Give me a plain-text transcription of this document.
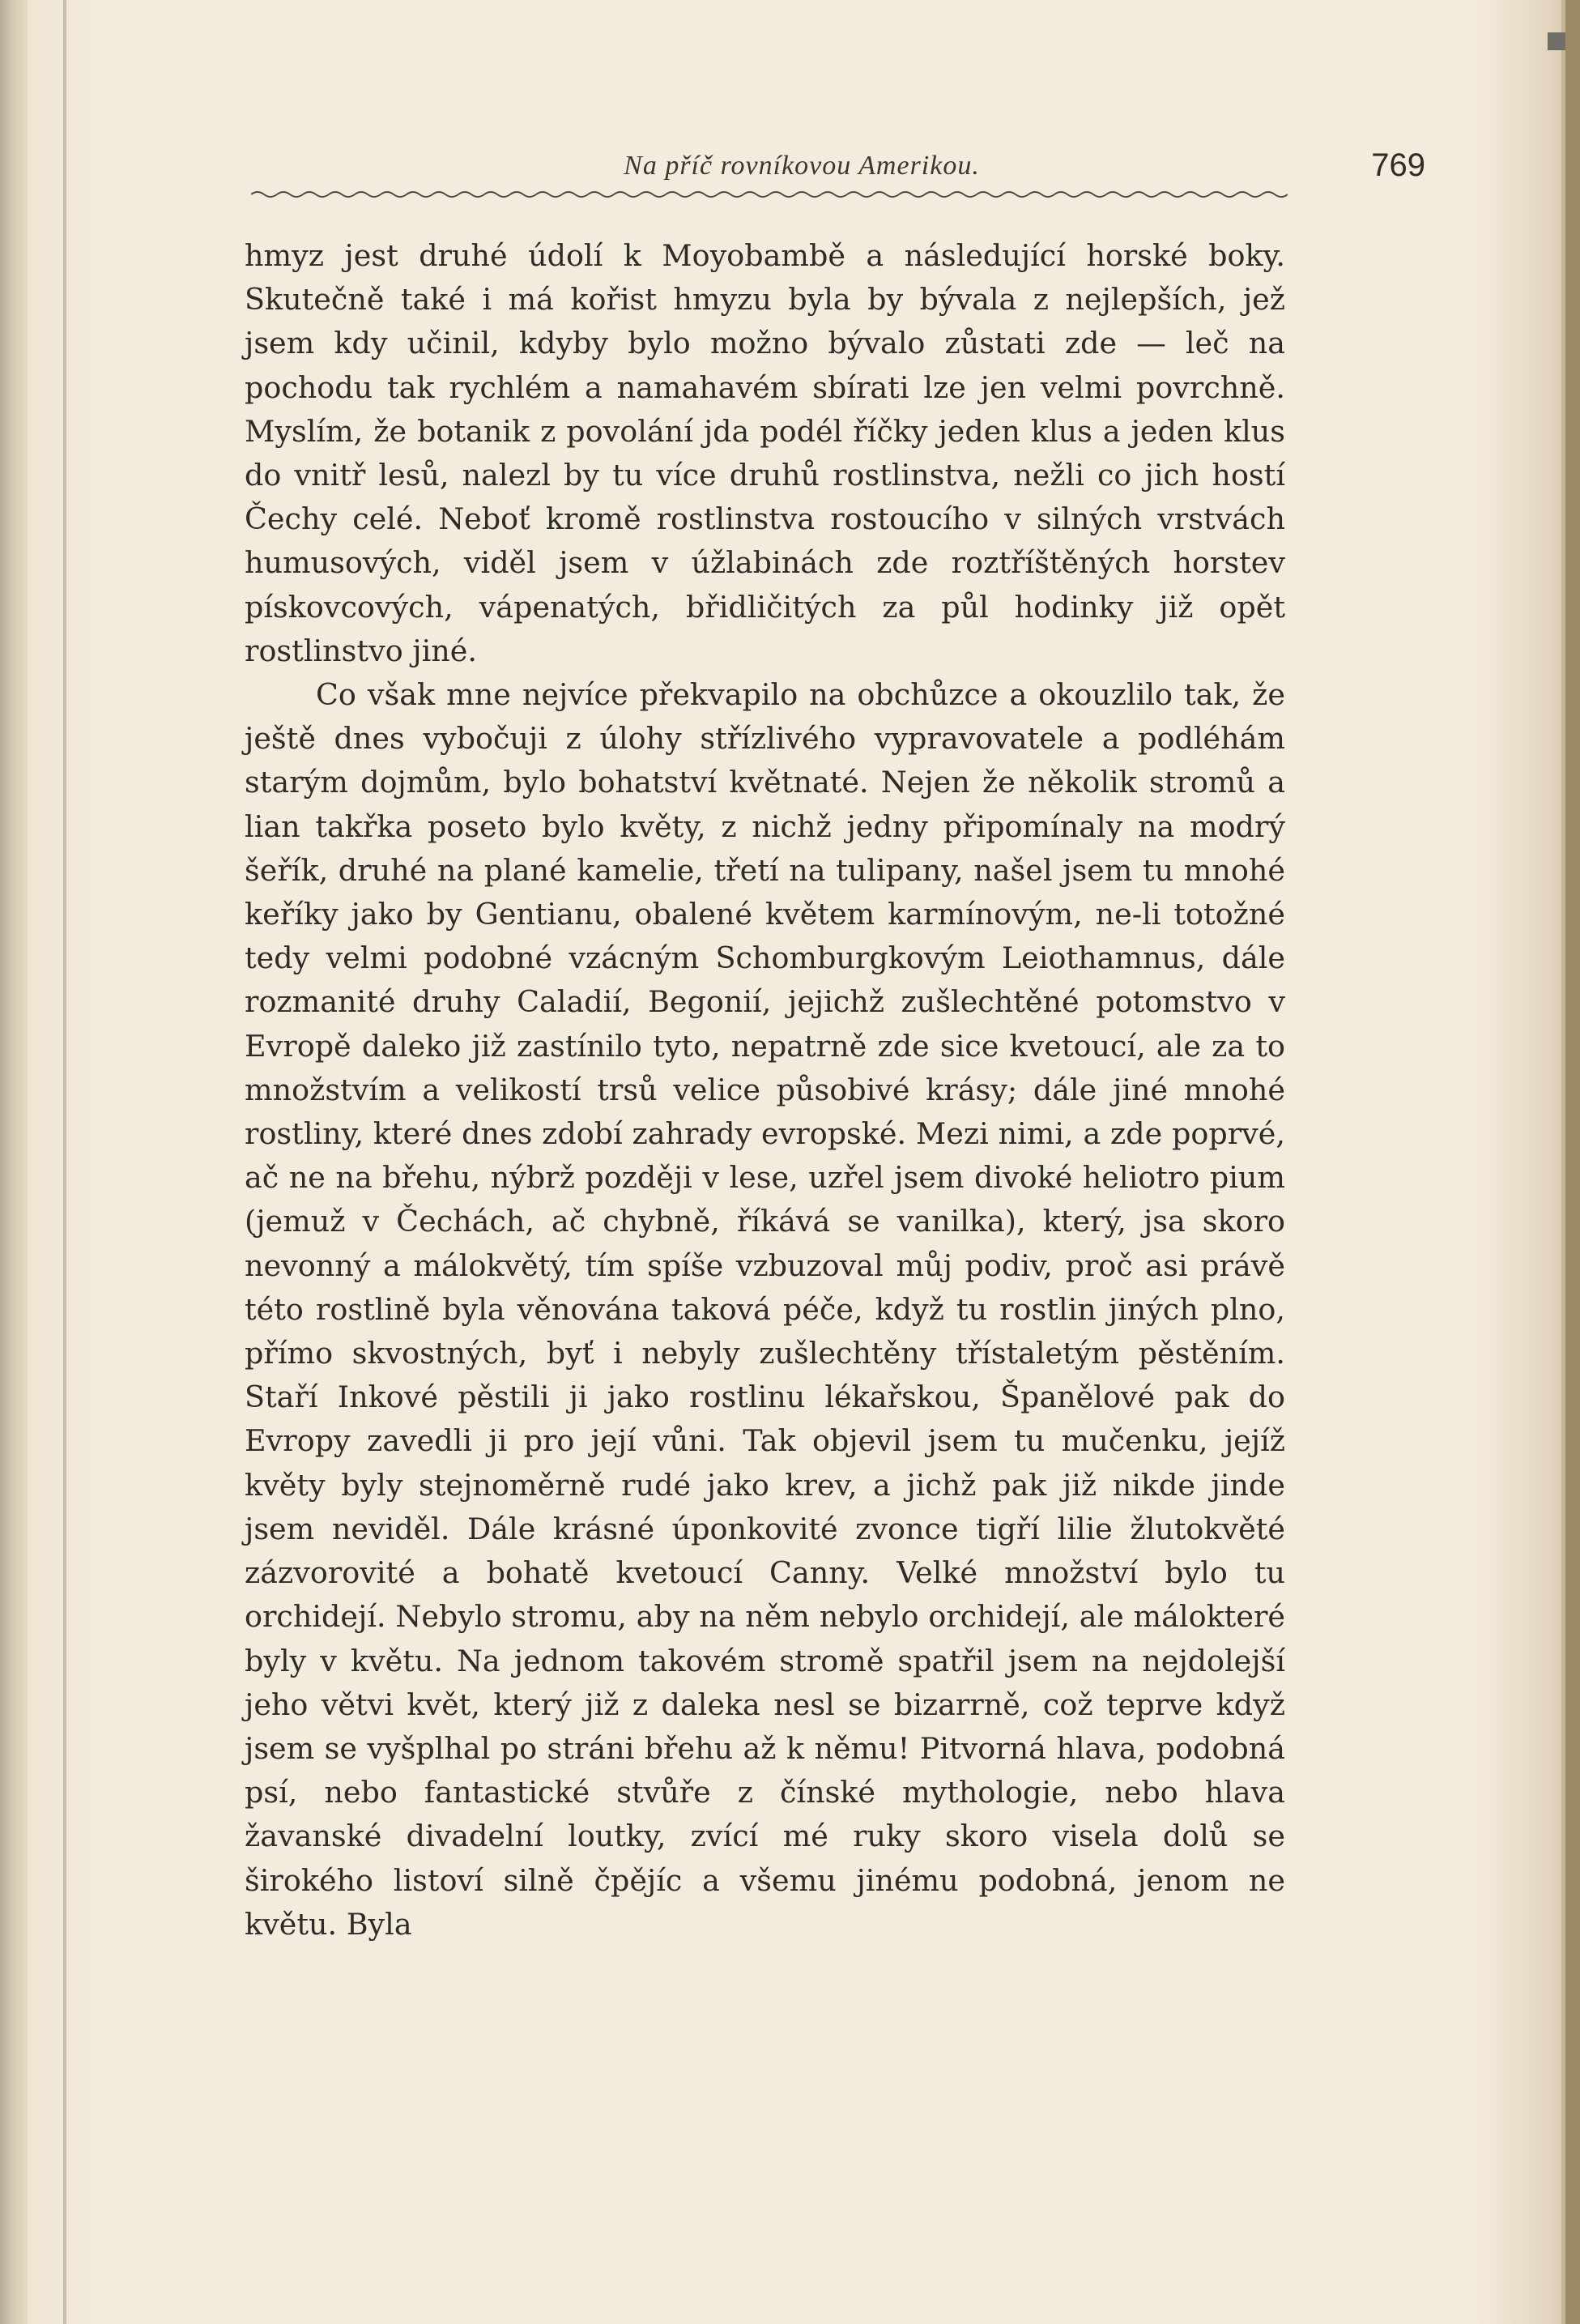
Na příč rovníkovou Amerikou.	769

hmyz jest druhé údolí k Moyobambě a následující horské boky. Skutečně také i má kořist hmyzu byla by bývala z nejlepších, jež jsem kdy učinil, kdyby bylo možno bývalo zůstati zde — leč na pochodu tak rychlém a namahavém sbírati lze jen velmi povrchně. Myslím, že botanik z povolání jda podél říčky jeden klus a jeden klus do vnitř lesů, nalezl by tu více druhů rostlinstva, nežli co jich hostí Čechy celé. Neboť kromě rostlinstva rostoucího v silných vrstvách humusových, viděl jsem v úžlabinách zde roztříštěných horstev pískovcových, vápenatých, břidličitých za půl hodinky již opět rostlinstvo jiné.

Co však mne nejvíce překvapilo na obchůzce a okouzlilo tak, že ještě dnes vybočuji z úlohy střízlivého vypravovatele a podléhám starým dojmům, bylo bohatství květnaté. Nejen že několik stromů a lian takřka poseto bylo květy, z nichž jedny připomínaly na modrý šeřík, druhé na plané kamelie, třetí na tulipany, našel jsem tu mnohé keříky jako by Gentianu, obalené květem karmínovým, ne-li totožné tedy velmi podobné vzácným Schomburgkovým Leiothamnus, dále rozmanité druhy Caladií, Begonií, jejichž zušlechtěné potomstvo v Evropě daleko již zastínilo tyto, nepatrně zde sice kvetoucí, ale za to množstvím a velikostí trsů velice působivé krásy; dále jiné mnohé rostliny, které dnes zdobí zahrady evropské. Mezi nimi, a zde poprvé, ač ne na břehu, nýbrž později v lese, uzřel jsem divoké heliotro pium (jemuž v Čechách, ač chybně, říkává se vanilka), který, jsa skoro nevonný a málokvětý, tím spíše vzbuzoval můj podiv, proč asi právě této rostlině byla věnována taková péče, když tu rostlin jiných plno, přímo skvostných, byť i nebyly zušlechtěny třístaletým pěstěním. Staří Inkové pěstili ji jako rostlinu lékařskou, Španělové pak do Evropy zavedli ji pro její vůni. Tak objevil jsem tu mučenku, jejíž květy byly stejnoměrně rudé jako krev, a jichž pak již nikde jinde jsem neviděl. Dále krásné úponkovité zvonce tigří lilie žlutokvěté zázvorovité a bohatě kvetoucí Canny. Velké množství bylo tu orchidejí. Nebylo stromu, aby na něm nebylo orchidejí, ale málokteré byly v květu. Na jednom takovém stromě spatřil jsem na nejdolejší jeho větvi květ, který již z daleka nesl se bizarrně, což teprve když jsem se vyšplhal po stráni břehu až k němu! Pitvorná hlava, podobná psí, nebo fantastické stvůře z čínské mythologie, nebo hlava žavanské divadelní loutky, zvící mé ruky skoro visela dolů se širokého listoví silně čpějíc a všemu jinému podobná, jenom ne květu. Byla
